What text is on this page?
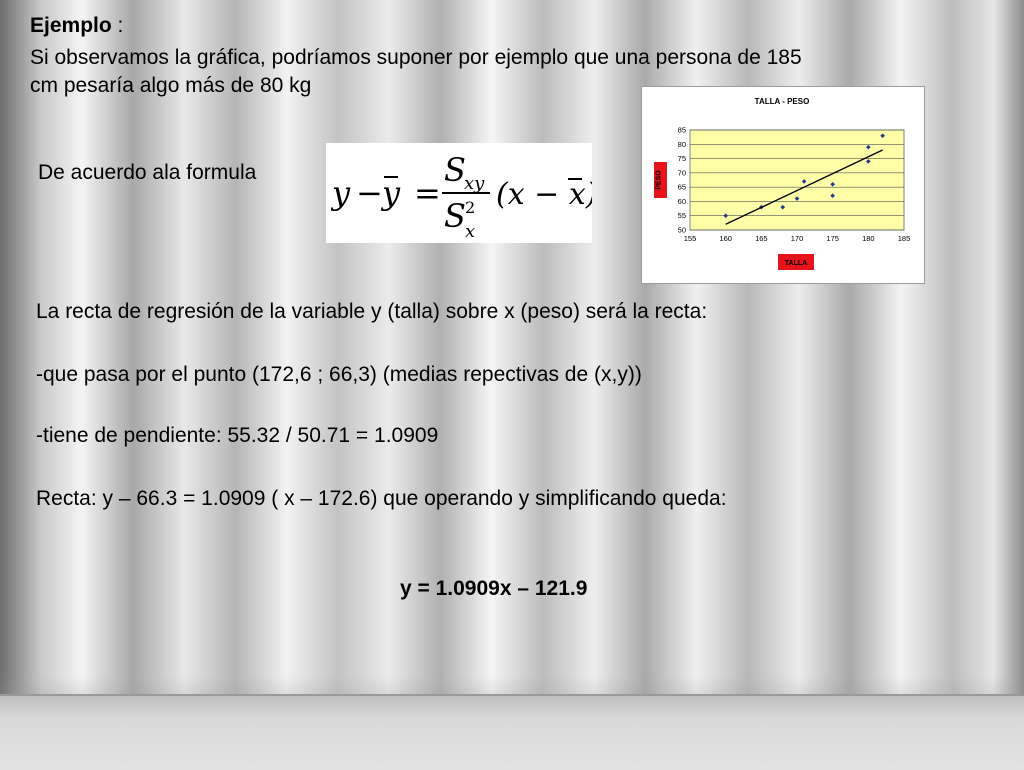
Ejemplo :
Si observamos la gráfica, podríamos suponer por ejemplo que una persona de 185
cm pesaría algo más de 80 kg
De acuerdo ala formula
y − y =
S
xy
S 2
x
(x − x)
TALLA - PESO
50
55
60
65
70
75
80
85
155	160	165	170	175	180	185
PESO
TALLA
La recta de regresión de la variable y (talla) sobre x (peso) será la recta:
-que pasa por el punto (172,6 ; 66,3) (medias repectivas de (x,y))
-tiene de pendiente: 55.32 / 50.71 = 1.0909
Recta: y – 66.3 = 1.0909 ( x – 172.6) que operando y simplificando queda:
y = 1.0909x – 121.9
